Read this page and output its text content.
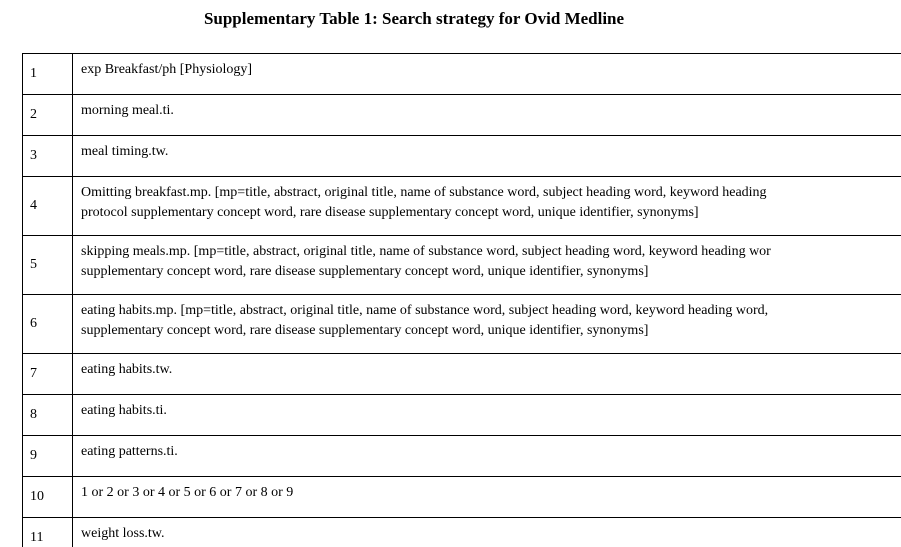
Supplementary Table 1: Search strategy for Ovid Medline
1	exp Breakfast/ph [Physiology]

2	morning meal.ti.

3	meal timing.tw.

4	Omitting breakfast.mp. [mp=title, abstract, original title, name of substance word, subject heading word, keyword heading
protocol supplementary concept word, rare disease supplementary concept word, unique identifier, synonyms]

5	skipping meals.mp. [mp=title, abstract, original title, name of substance word, subject heading word, keyword heading wor
supplementary concept word, rare disease supplementary concept word, unique identifier, synonyms]

6	eating habits.mp. [mp=title, abstract, original title, name of substance word, subject heading word, keyword heading word,
supplementary concept word, rare disease supplementary concept word, unique identifier, synonyms]

7	eating habits.tw.

8	eating habits.ti.

9	eating patterns.ti.

10	1 or 2 or 3 or 4 or 5 or 6 or 7 or 8 or 9

11	weight loss.tw.
